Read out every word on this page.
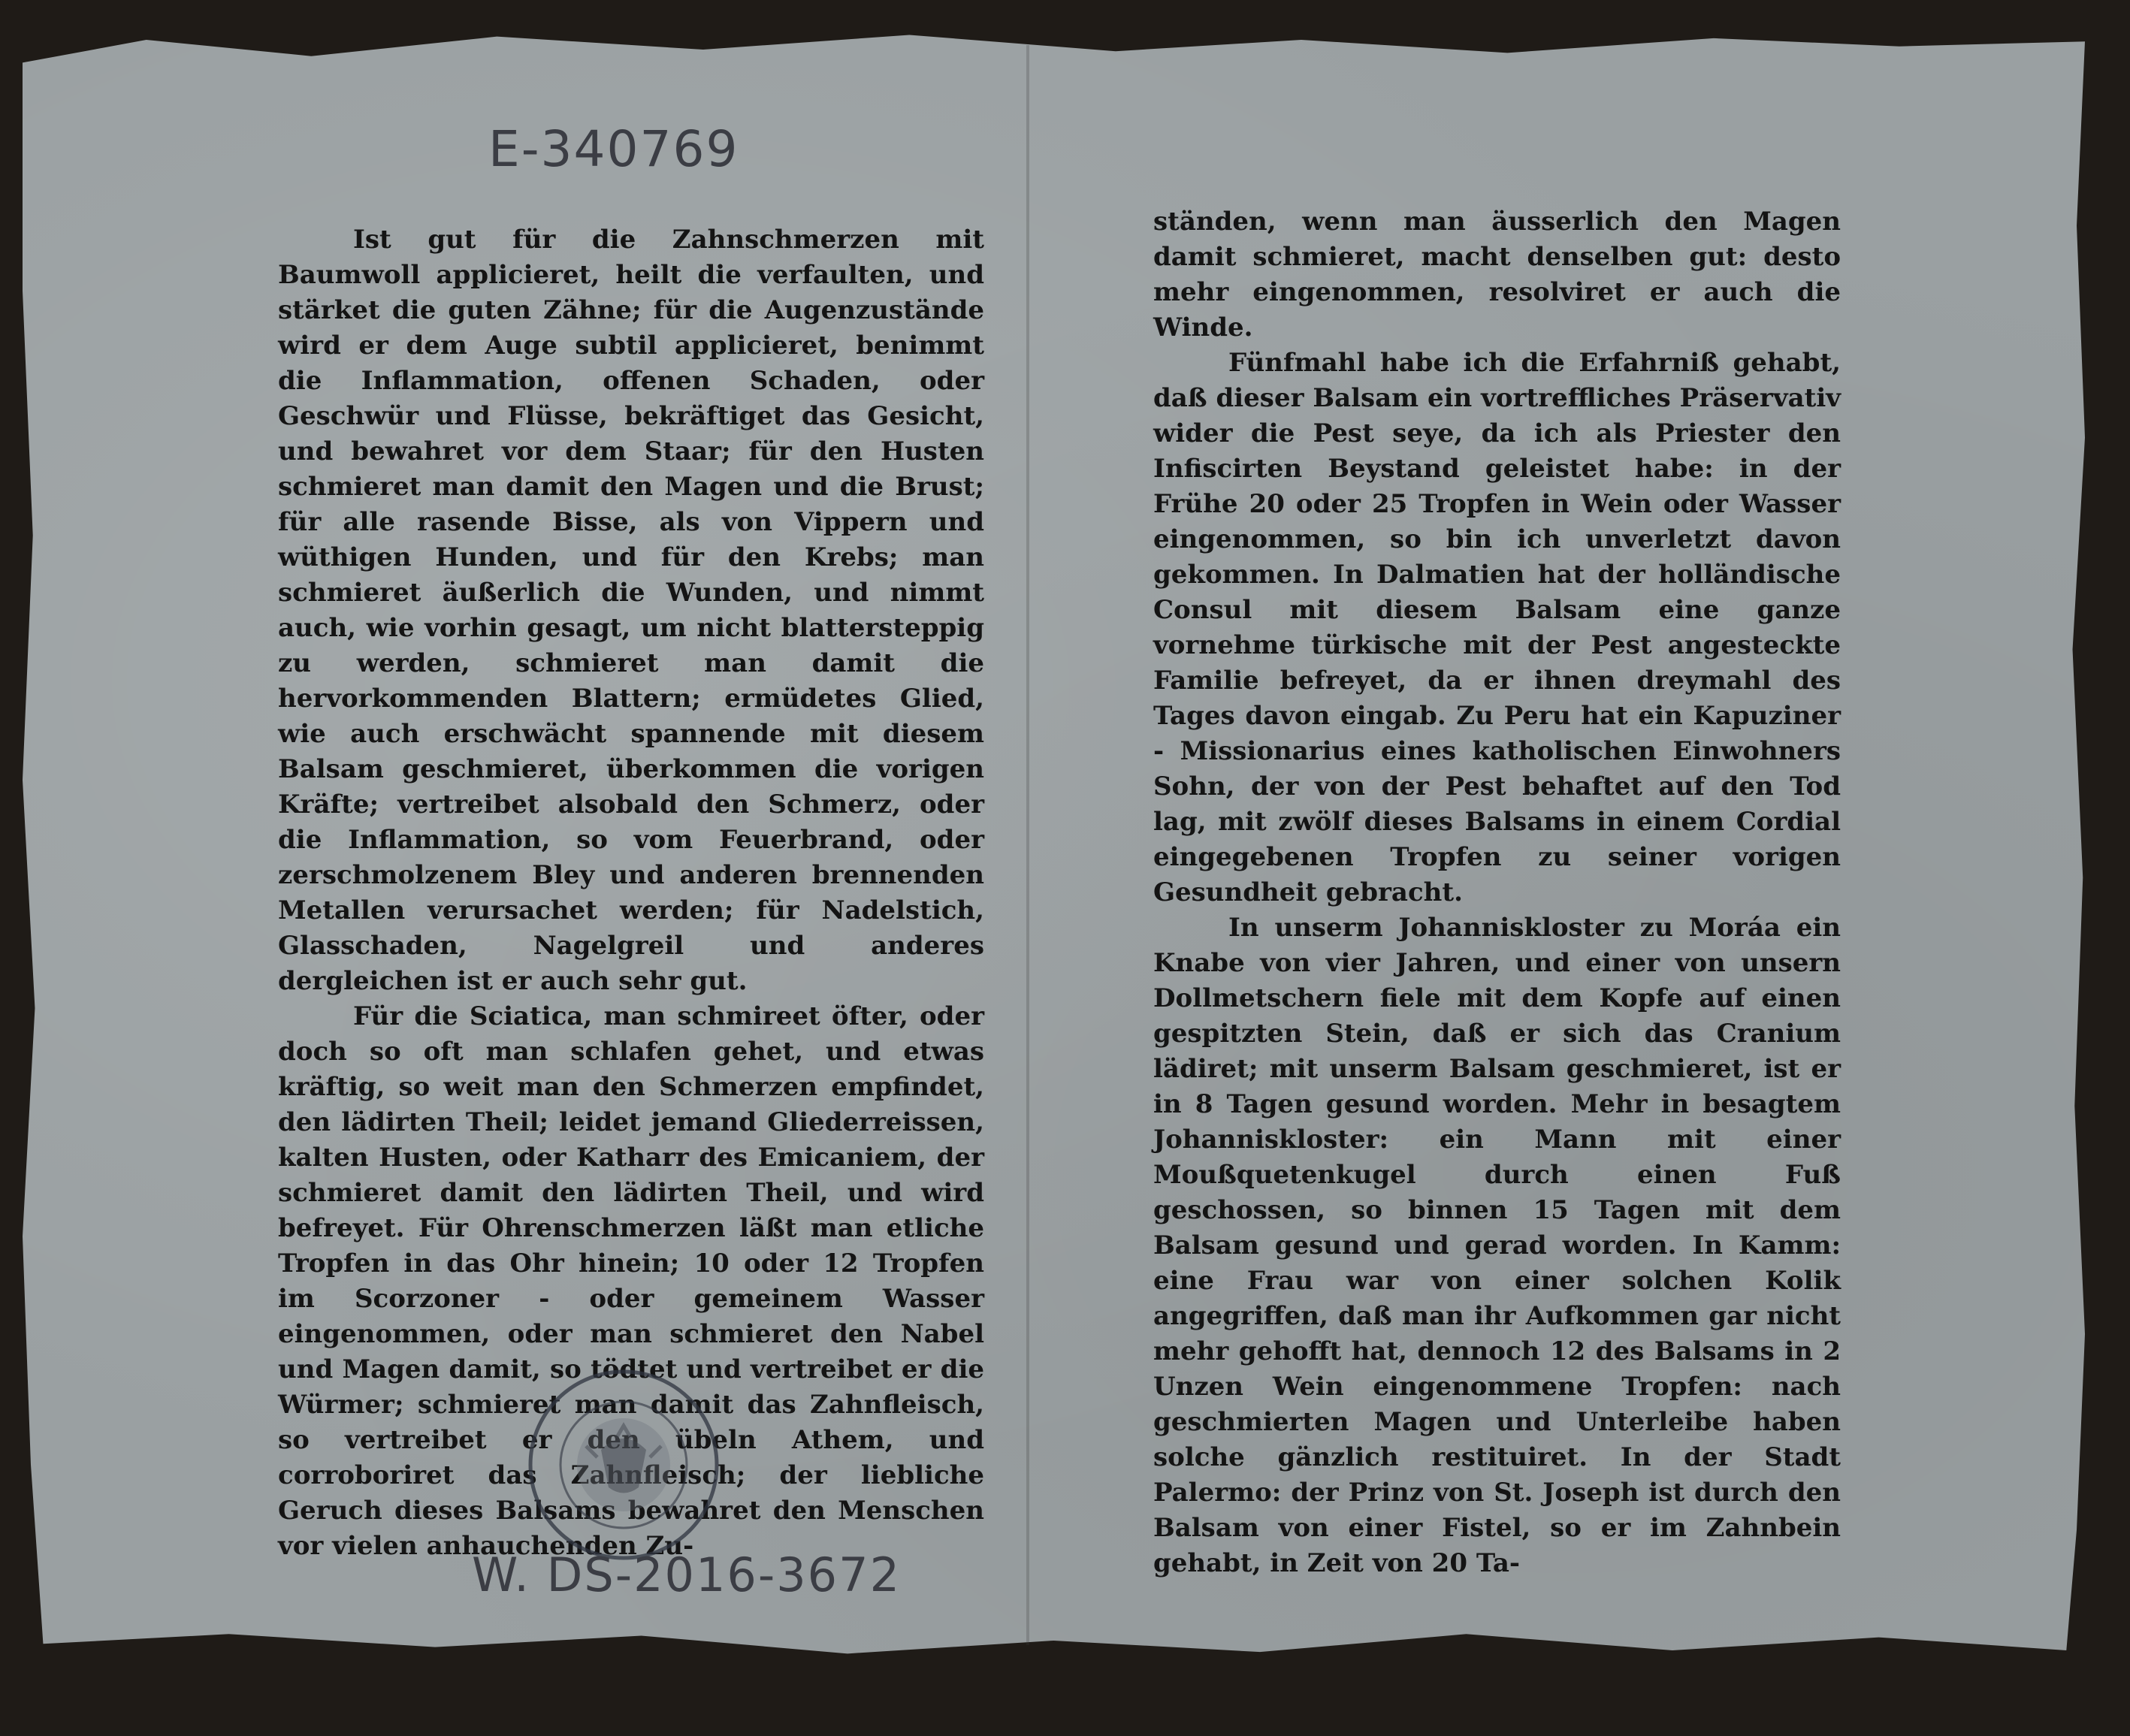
E-340769

Ist gut für die Zahnschmerzen mit Baumwoll applicieret, heilt die verfaulten, und stärket die guten Zähne; für die Augenzustände wird er dem Auge subtil applicieret, benimmt die Inflammation, offenen Schaden, oder Geschwür und Flüsse, bekräftiget das Gesicht, und bewahret vor dem Staar; für den Husten schmieret man damit den Magen und die Brust; für alle rasende Bisse, als von Vippern und wüthigen Hunden, und für den Krebs; man schmieret äußerlich die Wunden, und nimmt auch, wie vorhin gesagt, um nicht blattersteppig zu werden, schmieret man damit die hervorkommenden Blattern; ermüdetes Glied, wie auch erschwächt spannende mit diesem Balsam geschmieret, überkommen die vorigen Kräfte; vertreibet alsobald den Schmerz, oder die Inflammation, so vom Feuerbrand, oder zerschmolzenem Bley und anderen brennenden Metallen verursachet werden; für Nadelstich, Glasschaden, Nagelgreil und anderes dergleichen ist er auch sehr gut.

Für die Sciatica, man schmireet öfter, oder doch so oft man schlafen gehet, und etwas kräftig, so weit man den Schmerzen empfindet, den lädirten Theil; leidet jemand Gliederreissen, kalten Husten, oder Katharr des Emicaniem, der schmieret damit den lädirten Theil, und wird befreyet. Für Ohrenschmerzen läßt man etliche Tropfen in das Ohr hinein; 10 oder 12 Tropfen im Scorzoner - oder gemeinem Wasser eingenommen, oder man schmieret den Nabel und Magen damit, so tödtet und vertreibet er die Würmer; schmieret man damit das Zahnfleisch, so vertreibet er den übeln Athem, und corroboriret das Zahnfleisch; der liebliche Geruch dieses Balsams bewahret den Menschen vor vielen anhauchenden Zu-

ständen, wenn man äusserlich den Magen damit schmieret, macht denselben gut: desto mehr eingenommen, resolviret er auch die Winde.

Fünfmahl habe ich die Erfahrniß gehabt, daß dieser Balsam ein vortreffliches Präservativ wider die Pest seye, da ich als Priester den Infiscirten Beystand geleistet habe: in der Frühe 20 oder 25 Tropfen in Wein oder Wasser eingenommen, so bin ich unverletzt davon gekommen. In Dalmatien hat der holländische Consul mit diesem Balsam eine ganze vornehme türkische mit der Pest angesteckte Familie befreyet, da er ihnen dreymahl des Tages davon eingab. Zu Peru hat ein Kapuziner - Missionarius eines katholischen Einwohners Sohn, der von der Pest behaftet auf den Tod lag, mit zwölf dieses Balsams in einem Cordial eingegebenen Tropfen zu seiner vorigen Gesundheit gebracht.

In unserm Johanniskloster zu Moráa ein Knabe von vier Jahren, und einer von unsern Dollmetschern fiele mit dem Kopfe auf einen gespitzten Stein, daß er sich das Cranium lädiret; mit unserm Balsam geschmieret, ist er in 8 Tagen gesund worden. Mehr in besagtem Johanniskloster: ein Mann mit einer Moußquetenkugel durch einen Fuß geschossen, so binnen 15 Tagen mit dem Balsam gesund und gerad worden. In Kamm: eine Frau war von einer solchen Kolik angegriffen, daß man ihr Aufkommen gar nicht mehr gehofft hat, dennoch 12 des Balsams in 2 Unzen Wein eingenommene Tropfen: nach geschmierten Magen und Unterleibe haben solche gänzlich restituiret. In der Stadt Palermo: der Prinz von St. Joseph ist durch den Balsam von einer Fistel, so er im Zahnbein gehabt, in Zeit von 20 Ta-

W. DS-2016-3672
